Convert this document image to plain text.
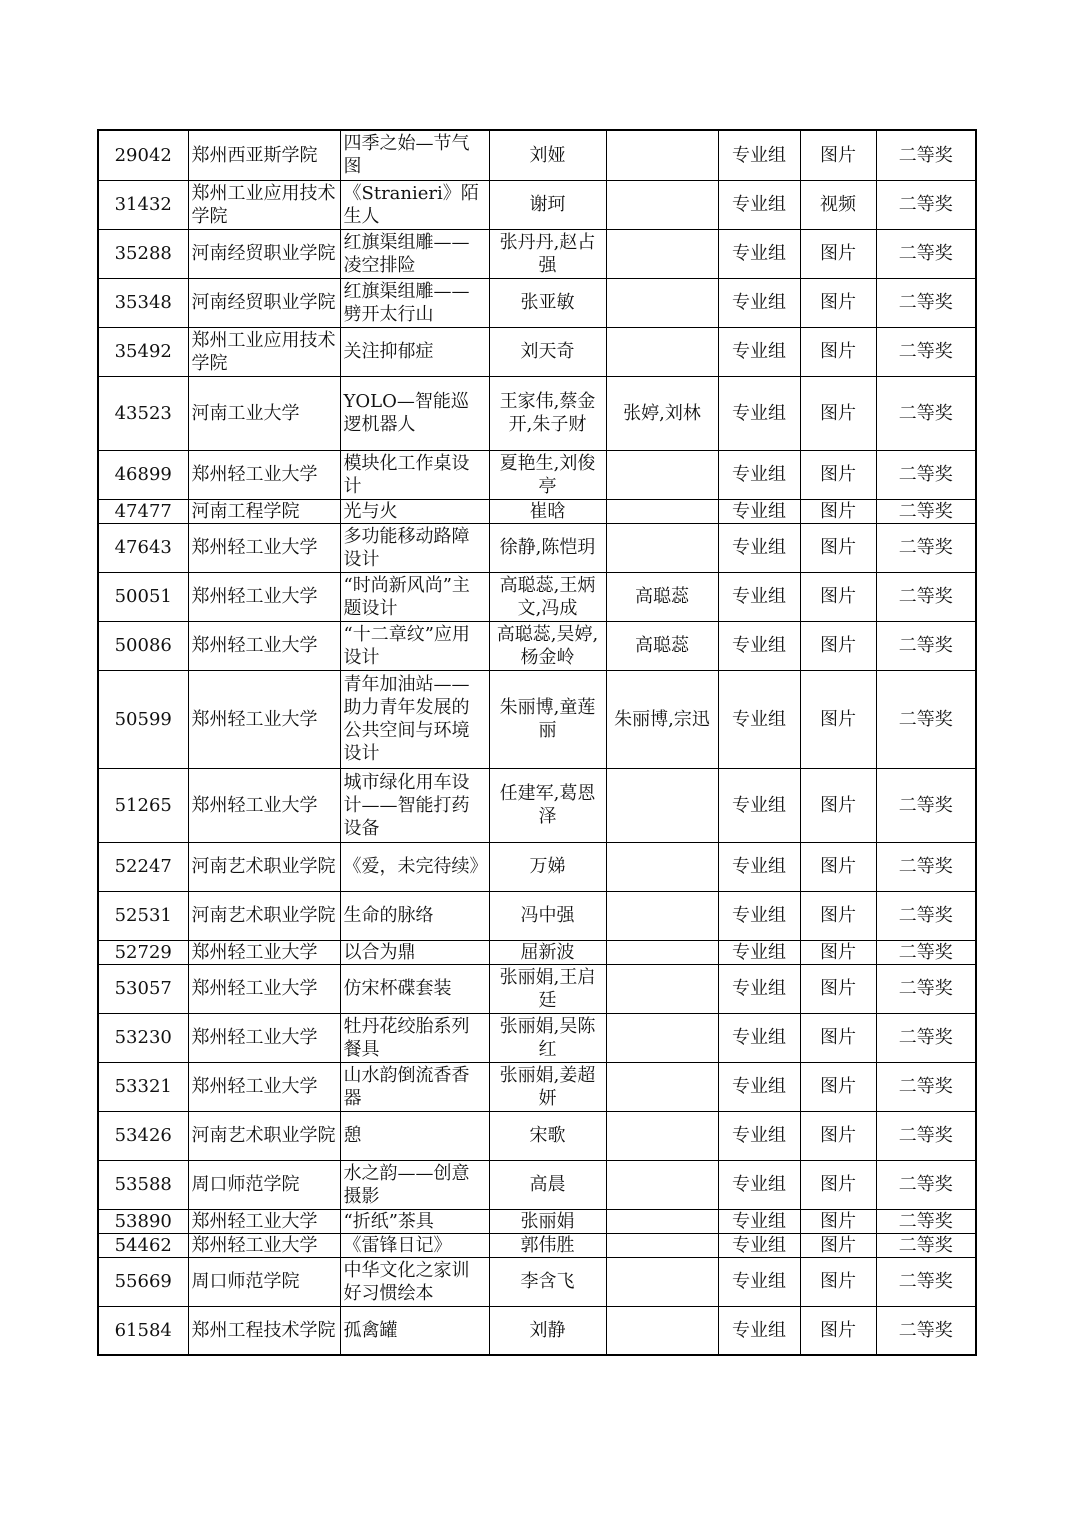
29042	郑州西亚斯学院	四季之始—节气图	刘娅		专业组	图片	二等奖
31432	郑州工业应用技术学院	《Stranieri》陌生人	谢珂		专业组	视频	二等奖
35288	河南经贸职业学院	红旗渠组雕——凌空排险	张丹丹,赵占强		专业组	图片	二等奖
35348	河南经贸职业学院	红旗渠组雕——劈开太行山	张亚敏		专业组	图片	二等奖
35492	郑州工业应用技术学院	关注抑郁症	刘天奇		专业组	图片	二等奖
43523	河南工业大学	YOLO—智能巡逻机器人	王家伟,蔡金开,朱子财	张婷,刘林	专业组	图片	二等奖
46899	郑州轻工业大学	模块化工作桌设计	夏艳生,刘俊亭		专业组	图片	二等奖
47477	河南工程学院	光与火	崔晗		专业组	图片	二等奖
47643	郑州轻工业大学	多功能移动路障设计	徐静,陈恺玥		专业组	图片	二等奖
50051	郑州轻工业大学	“时尚新风尚”主题设计	高聪蕊,王炳文,冯成	高聪蕊	专业组	图片	二等奖
50086	郑州轻工业大学	“十二章纹”应用设计	高聪蕊,吴婷,杨金岭	高聪蕊	专业组	图片	二等奖
50599	郑州轻工业大学	青年加油站——助力青年发展的公共空间与环境设计	朱丽博,童莲丽	朱丽博,宗迅	专业组	图片	二等奖
51265	郑州轻工业大学	城市绿化用车设计——智能打药设备	任建军,葛恩泽		专业组	图片	二等奖
52247	河南艺术职业学院	《爱，未完待续》	万娣		专业组	图片	二等奖
52531	河南艺术职业学院	生命的脉络	冯中强		专业组	图片	二等奖
52729	郑州轻工业大学	以合为鼎	屈新波		专业组	图片	二等奖
53057	郑州轻工业大学	仿宋杯碟套装	张丽娟,王启廷		专业组	图片	二等奖
53230	郑州轻工业大学	牡丹花绞胎系列餐具	张丽娟,吴陈红		专业组	图片	二等奖
53321	郑州轻工业大学	山水韵倒流香香器	张丽娟,姜超妍		专业组	图片	二等奖
53426	河南艺术职业学院	憩	宋歌		专业组	图片	二等奖
53588	周口师范学院	水之韵——创意摄影	高晨		专业组	图片	二等奖
53890	郑州轻工业大学	“折纸”茶具	张丽娟		专业组	图片	二等奖
54462	郑州轻工业大学	《雷锋日记》	郭伟胜		专业组	图片	二等奖
55669	周口师范学院	中华文化之家训好习惯绘本	李含飞		专业组	图片	二等奖
61584	郑州工程技术学院	孤禽罐	刘静		专业组	图片	二等奖
